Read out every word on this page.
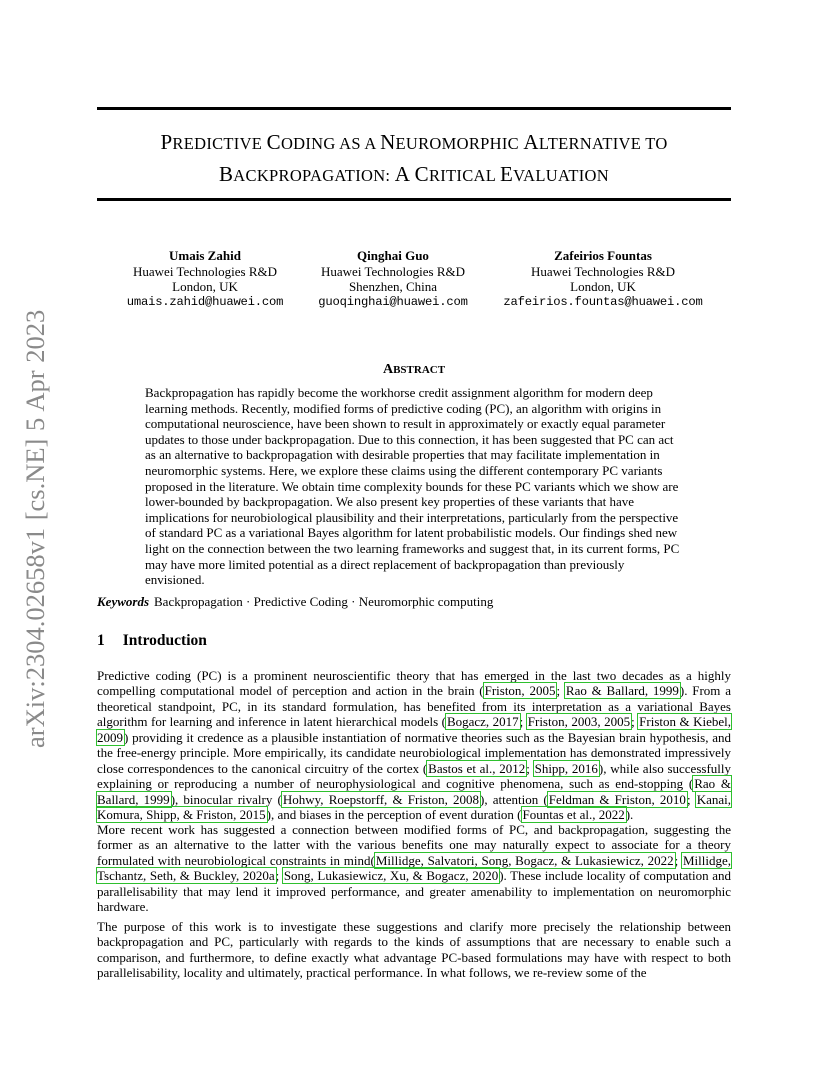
PREDICTIVE CODING AS A NEUROMORPHIC ALTERNATIVE TO
BACKPROPAGATION: A CRITICAL EVALUATION
arXiv:2304.02658v1 [cs.NE] 5 Apr 2023
Umais Zahid
Huawei Technologies R&D
London, UK
umais.zahid@huawei.com
Qinghai Guo
Huawei Technologies R&D
Shenzhen, China
guoqinghai@huawei.com
Zafeirios Fountas
Huawei Technologies R&D
London, UK
zafeirios.fountas@huawei.com
ABSTRACT
Backpropagation has rapidly become the workhorse credit assignment algorithm for modern deep learning methods. Recently, modified forms of predictive coding (PC), an algorithm with origins in computational neuroscience, have been shown to result in approximately or exactly equal parameter updates to those under backpropagation. Due to this connection, it has been suggested that PC can act as an alternative to backpropagation with desirable properties that may facilitate implementation in neuromorphic systems. Here, we explore these claims using the different contemporary PC variants proposed in the literature. We obtain time complexity bounds for these PC variants which we show are lower-bounded by backpropagation. We also present key properties of these variants that have implications for neurobiological plausibility and their interpretations, particularly from the perspective of standard PC as a variational Bayes algorithm for latent probabilistic models. Our findings shed new light on the connection between the two learning frameworks and suggest that, in its current forms, PC may have more limited potential as a direct replacement of backpropagation than previously envisioned.
Keywords Backpropagation · Predictive Coding · Neuromorphic computing
1 Introduction
Predictive coding (PC) is a prominent neuroscientific theory that has emerged in the last two decades as a highly compelling computational model of perception and action in the brain (Friston, 2005; Rao & Ballard, 1999). From a theoretical standpoint, PC, in its standard formulation, has benefited from its interpretation as a variational Bayes algorithm for learning and inference in latent hierarchical models (Bogacz, 2017; Friston, 2003, 2005; Friston & Kiebel, 2009) providing it credence as a plausible instantiation of normative theories such as the Bayesian brain hypothesis, and the free-energy principle. More empirically, its candidate neurobiological implementation has demonstrated impressively close correspondences to the canonical circuitry of the cortex (Bastos et al., 2012; Shipp, 2016), while also successfully explaining or reproducing a number of neurophysiological and cognitive phenomena, such as end-stopping (Rao & Ballard, 1999), binocular rivalry (Hohwy, Roepstorff, & Friston, 2008), attention (Feldman & Friston, 2010; Kanai, Komura, Shipp, & Friston, 2015), and biases in the perception of event duration (Fountas et al., 2022).
More recent work has suggested a connection between modified forms of PC, and backpropagation, suggesting the former as an alternative to the latter with the various benefits one may naturally expect to associate for a theory formulated with neurobiological constraints in mind(Millidge, Salvatori, Song, Bogacz, & Lukasiewicz, 2022; Millidge, Tschantz, Seth, & Buckley, 2020a; Song, Lukasiewicz, Xu, & Bogacz, 2020). These include locality of computation and parallelisability that may lend it improved performance, and greater amenability to implementation on neuromorphic hardware.
The purpose of this work is to investigate these suggestions and clarify more precisely the relationship between backpropagation and PC, particularly with regards to the kinds of assumptions that are necessary to enable such a comparison, and furthermore, to define exactly what advantage PC-based formulations may have with respect to both parallelisability, locality and ultimately, practical performance. In what follows, we re-review some of the
